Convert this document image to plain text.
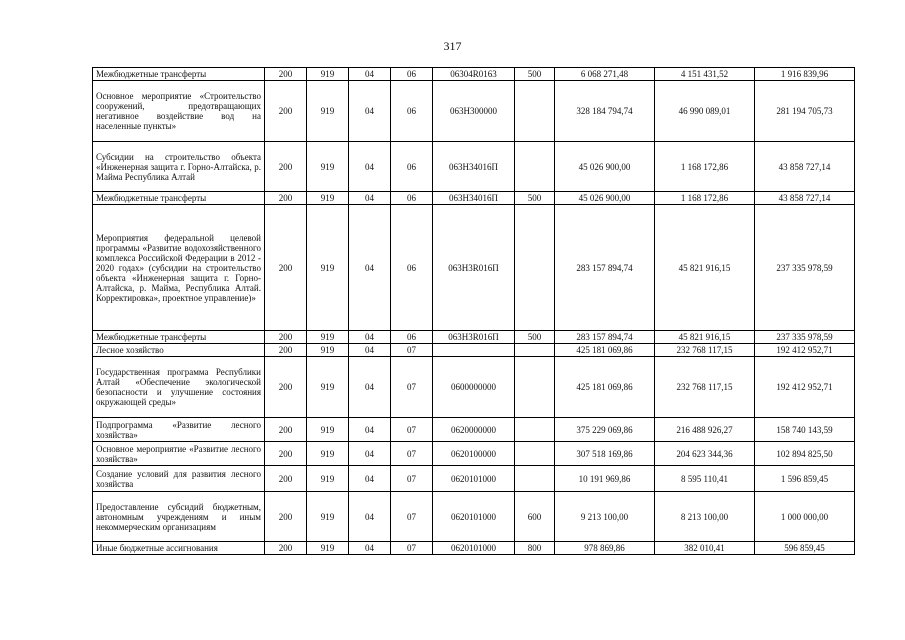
317
Межбюджетные трансферты	200	919	04	06	06304R0163	500	6 068 271,48	4 151 431,52	1 916 839,96
Основное мероприятие «Строительство сооружений, предотвращающих негативное воздействие вод на населенные пункты»	200	919	04	06	063Н300000		328 184 794,74	46 990 089,01	281 194 705,73
Субсидии на строительство объекта «Инженерная защита г. Горно-Алтайска, р. Майма Республика Алтай	200	919	04	06	063Н34016П		45 026 900,00	1 168 172,86	43 858 727,14
Межбюджетные трансферты	200	919	04	06	063Н34016П	500	45 026 900,00	1 168 172,86	43 858 727,14
Мероприятия федеральной целевой программы «Развитие водохозяйственного комплекса Российской Федерации в 2012 - 2020 годах» (субсидии на строительство объекта «Инженерная защита г. Горно-Алтайска, р. Майма, Республика Алтай. Корректировка», проектное управление)»	200	919	04	06	063Н3R016П		283 157 894,74	45 821 916,15	237 335 978,59
Межбюджетные трансферты	200	919	04	06	063Н3R016П	500	283 157 894,74	45 821 916,15	237 335 978,59
Лесное хозяйство	200	919	04	07			425 181 069,86	232 768 117,15	192 412 952,71
Государственная программа Республики Алтай «Обеспечение экологической безопасности и улучшение состояния окружающей среды»	200	919	04	07	0600000000		425 181 069,86	232 768 117,15	192 412 952,71
Подпрограмма «Развитие лесного хозяйства»	200	919	04	07	0620000000		375 229 069,86	216 488 926,27	158 740 143,59
Основное мероприятие «Развитие лесного хозяйства»	200	919	04	07	0620100000		307 518 169,86	204 623 344,36	102 894 825,50
Создание условий для развития лесного хозяйства	200	919	04	07	0620101000		10 191 969,86	8 595 110,41	1 596 859,45
Предоставление субсидий бюджетным, автономным учреждениям и иным некоммерческим организациям	200	919	04	07	0620101000	600	9 213 100,00	8 213 100,00	1 000 000,00
Иные бюджетные ассигнования	200	919	04	07	0620101000	800	978 869,86	382 010,41	596 859,45
